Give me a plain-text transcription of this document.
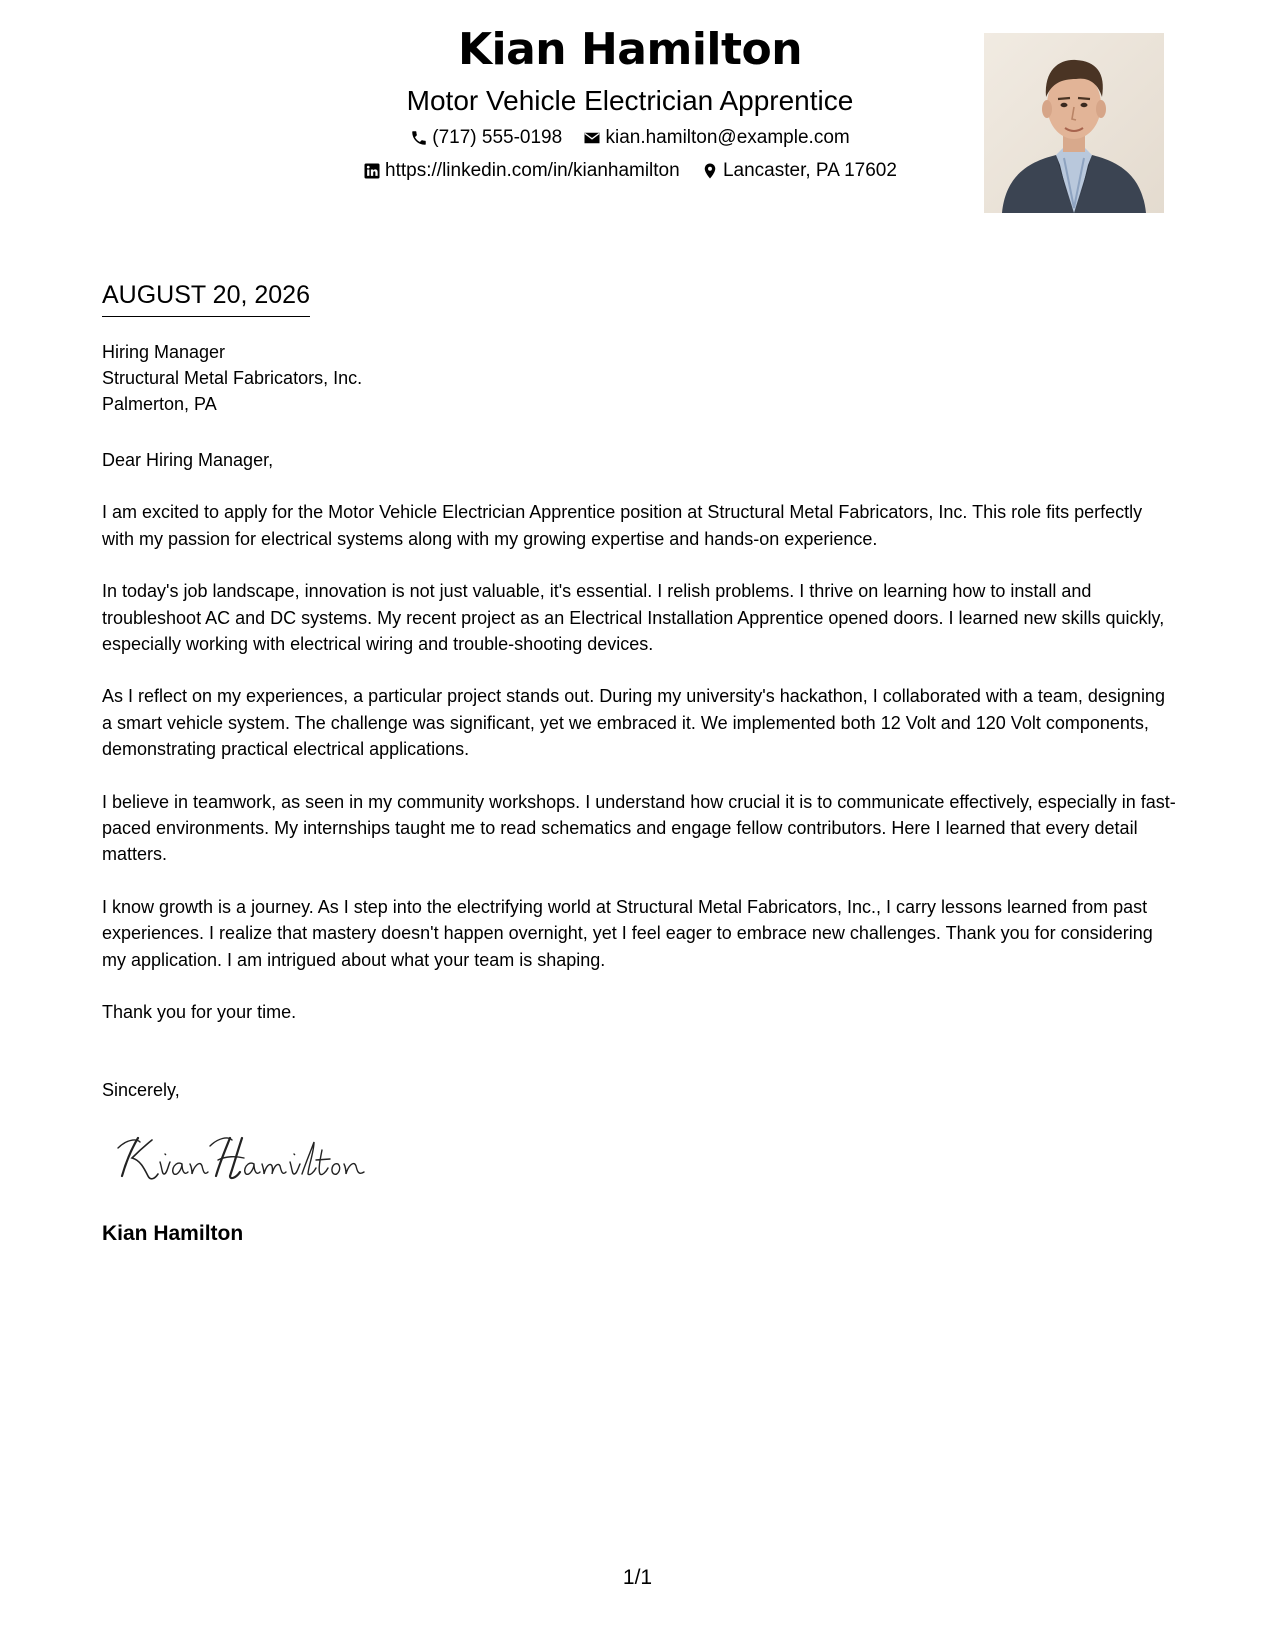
Kian Hamilton
Motor Vehicle Electrician Apprentice
(717) 555-0198
kian.hamilton@example.com
https://linkedin.com/in/kianhamilton
Lancaster, PA 17602
AUGUST 20, 2026
Hiring Manager
Structural Metal Fabricators, Inc.
Palmerton, PA

Dear Hiring Manager,

I am excited to apply for the Motor Vehicle Electrician Apprentice position at Structural Metal Fabricators, Inc. This role fits perfectly with my passion for electrical systems along with my growing expertise and hands-on experience.

In today's job landscape, innovation is not just valuable, it's essential. I relish problems. I thrive on learning how to install and troubleshoot AC and DC systems. My recent project as an Electrical Installation Apprentice opened doors. I learned new skills quickly, especially working with electrical wiring and trouble-shooting devices.

As I reflect on my experiences, a particular project stands out. During my university's hackathon, I collaborated with a team, designing a smart vehicle system. The challenge was significant, yet we embraced it. We implemented both 12 Volt and 120 Volt components, demonstrating practical electrical applications.

I believe in teamwork, as seen in my community workshops. I understand how crucial it is to communicate effectively, especially in fast-paced environments. My internships taught me to read schematics and engage fellow contributors. Here I learned that every detail matters.

I know growth is a journey. As I step into the electrifying world at Structural Metal Fabricators, Inc., I carry lessons learned from past experiences. I realize that mastery doesn't happen overnight, yet I feel eager to embrace new challenges. Thank you for considering my application. I am intrigued about what your team is shaping.

Thank you for your time.

Sincerely,
Kian Hamilton
1/1
